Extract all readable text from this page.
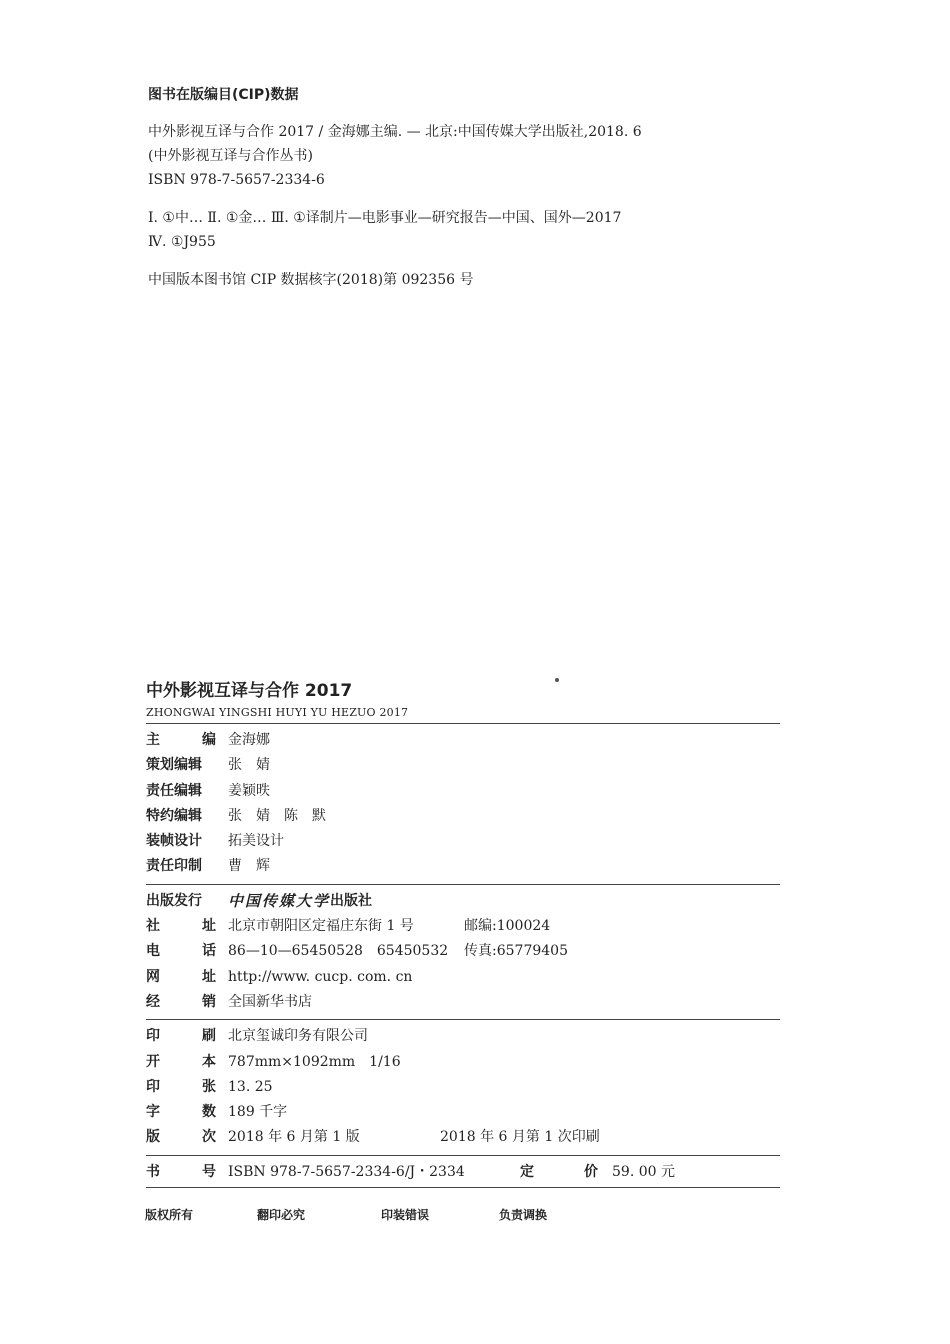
图书在版编目(CIP)数据
中外影视互译与合作 2017 / 金海娜主编. — 北京:中国传媒大学出版社,2018. 6
(中外影视互译与合作丛书)
ISBN 978-7-5657-2334-6
Ⅰ. ①中… Ⅱ. ①金… Ⅲ. ①译制片—电影事业—研究报告—中国、国外—2017
Ⅳ. ①J955
中国版本图书馆 CIP 数据核字(2018)第 092356 号
中外影视互译与合作 2017
ZHONGWAI YINGSHI HUYI YU HEZUO 2017
主	编 金海娜
策划编辑	张　婧
责任编辑	姜颖昳
特约编辑	张　婧　陈　默
装帧设计	拓美设计
责任印制	曹　辉
出版发行	中国传媒大学 出版社
社	址 北京市朝阳区定福庄东街 1 号	邮编:100024
电	话 86—10—65450528　65450532	传真:65779405
网	址 http://www. cucp. com. cn
经	销 全国新华书店
印	刷 北京玺诚印务有限公司
开	本 787mm×1092mm　1/16
印	张 13. 25
字	数 189 千字
版	次 2018 年 6 月第 1 版	2018 年 6 月第 1 次印刷
书	号 ISBN 978-7-5657-2334-6/J・2334	定	价 59. 00 元
版权所有	翻印必究	印装错误	负责调换
